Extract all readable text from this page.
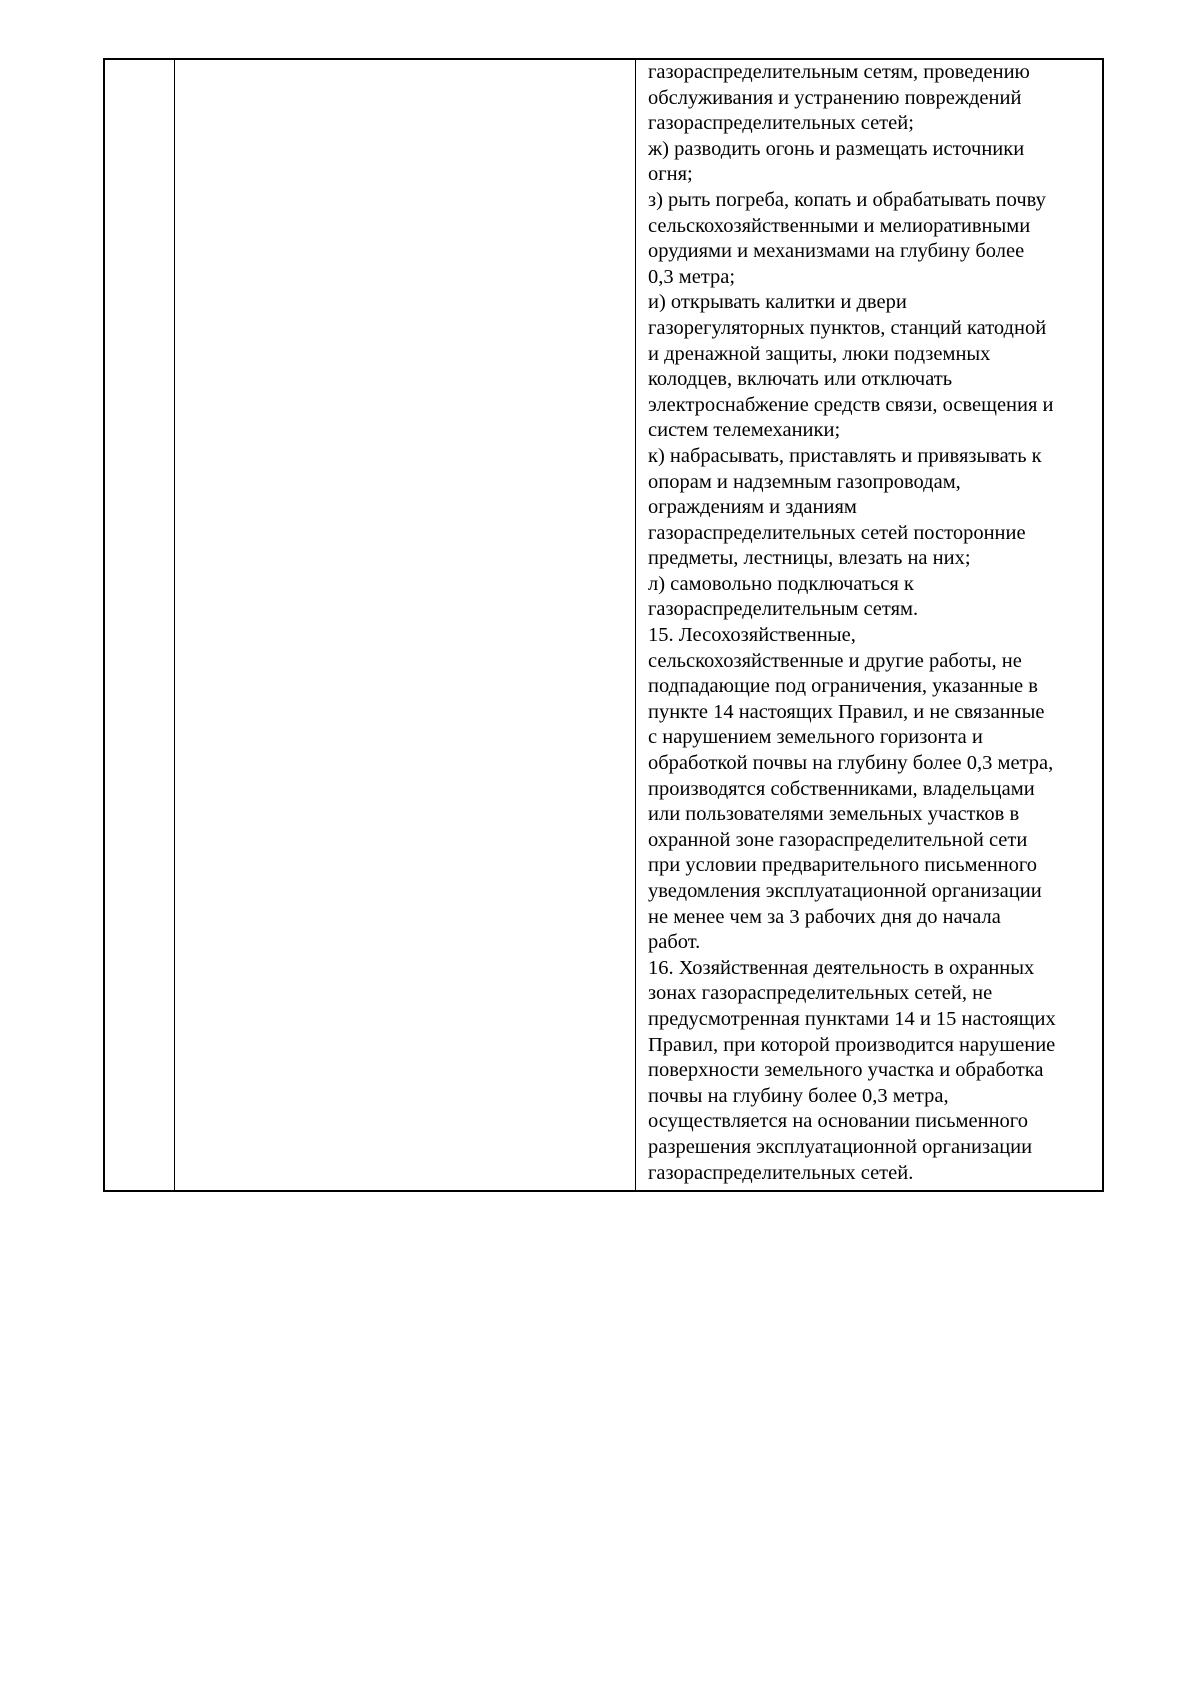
газораспределительным сетям, проведению
обслуживания и устранению повреждений
газораспределительных сетей;
ж) разводить огонь и размещать источники
огня;
з) рыть погреба, копать и обрабатывать почву
сельскохозяйственными и мелиоративными
орудиями и механизмами на глубину более
0,3 метра;
и) открывать калитки и двери
газорегуляторных пунктов, станций катодной
и дренажной защиты, люки подземных
колодцев, включать или отключать
электроснабжение средств связи, освещения и
систем телемеханики;
к) набрасывать, приставлять и привязывать к
опорам и надземным газопроводам,
ограждениям и зданиям
газораспределительных сетей посторонние
предметы, лестницы, влезать на них;
л) самовольно подключаться к
газораспределительным сетям.
15. Лесохозяйственные,
сельскохозяйственные и другие работы, не
подпадающие под ограничения, указанные в
пункте 14 настоящих Правил, и не связанные
с нарушением земельного горизонта и
обработкой почвы на глубину более 0,3 метра,
производятся собственниками, владельцами
или пользователями земельных участков в
охранной зоне газораспределительной сети
при условии предварительного письменного
уведомления эксплуатационной организации
не менее чем за 3 рабочих дня до начала
работ.
16. Хозяйственная деятельность в охранных
зонах газораспределительных сетей, не
предусмотренная пунктами 14 и 15 настоящих
Правил, при которой производится нарушение
поверхности земельного участка и обработка
почвы на глубину более 0,3 метра,
осуществляется на основании письменного
разрешения эксплуатационной организации
газораспределительных сетей.
